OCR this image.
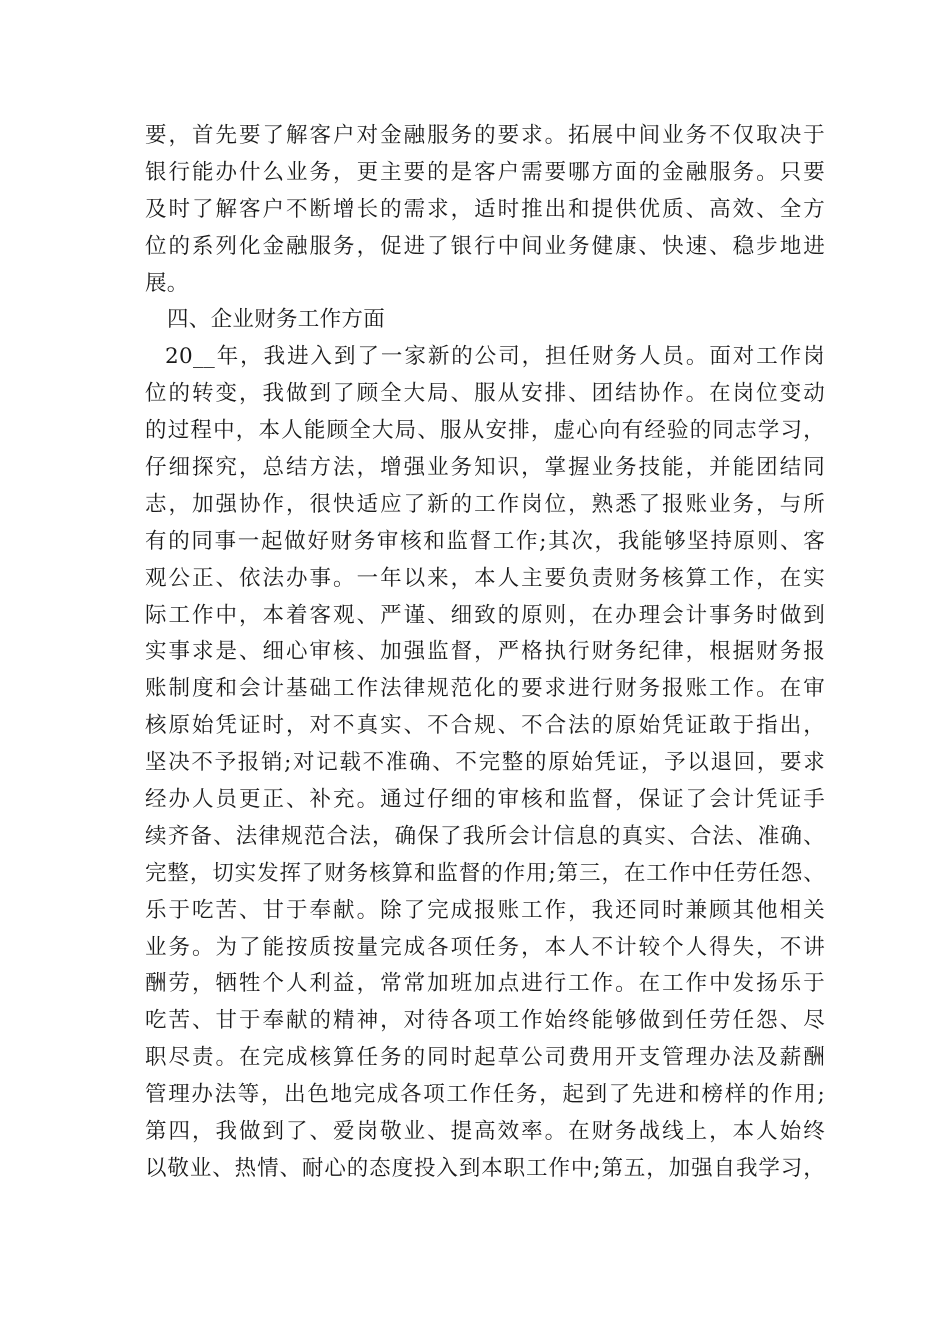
要，首先要了解客户对金融服务的要求。拓展中间业务不仅取决于
银行能办什么业务，更主要的是客户需要哪方面的金融服务。只要
及时了解客户不断增长的需求，适时推出和提供优质、高效、全方
位的系列化金融服务，促进了银行中间业务健康、快速、稳步地进
展。
四、企业财务工作方面
20__年，我进入到了一家新的公司，担任财务人员。面对工作岗
位的转变，我做到了顾全大局、服从安排、团结协作。在岗位变动
的过程中，本人能顾全大局、服从安排，虚心向有经验的同志学习，
仔细探究，总结方法，增强业务知识，掌握业务技能，并能团结同
志，加强协作，很快适应了新的工作岗位，熟悉了报账业务，与所
有的同事一起做好财务审核和监督工作;其次，我能够坚持原则、客
观公正、依法办事。一年以来，本人主要负责财务核算工作，在实
际工作中，本着客观、严谨、细致的原则，在办理会计事务时做到
实事求是、细心审核、加强监督，严格执行财务纪律，根据财务报
账制度和会计基础工作法律规范化的要求进行财务报账工作。在审
核原始凭证时，对不真实、不合规、不合法的原始凭证敢于指出，
坚决不予报销;对记载不准确、不完整的原始凭证，予以退回，要求
经办人员更正、补充。通过仔细的审核和监督，保证了会计凭证手
续齐备、法律规范合法，确保了我所会计信息的真实、合法、准确、
完整，切实发挥了财务核算和监督的作用;第三，在工作中任劳任怨、
乐于吃苦、甘于奉献。除了完成报账工作，我还同时兼顾其他相关
业务。为了能按质按量完成各项任务，本人不计较个人得失，不讲
酬劳，牺牲个人利益，常常加班加点进行工作。在工作中发扬乐于
吃苦、甘于奉献的精神，对待各项工作始终能够做到任劳任怨、尽
职尽责。在完成核算任务的同时起草公司费用开支管理办法及薪酬
管理办法等，出色地完成各项工作任务，起到了先进和榜样的作用;
第四，我做到了、爱岗敬业、提高效率。在财务战线上，本人始终
以敬业、热情、耐心的态度投入到本职工作中;第五，加强自我学习，
